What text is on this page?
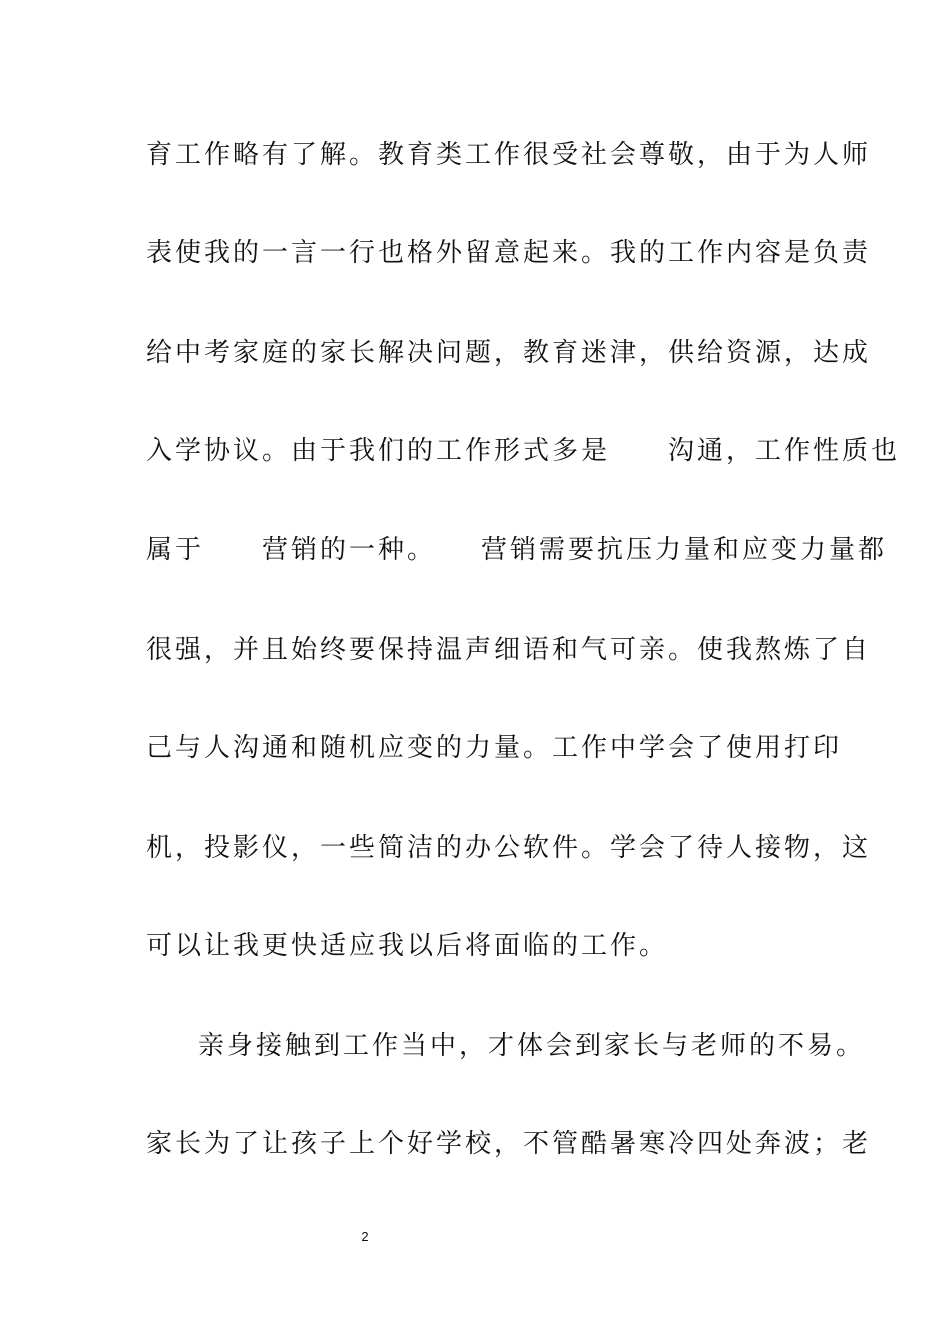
育工作略有了解。教育类工作很受社会尊敬，由于为人师
表使我的一言一行也格外留意起来。我的工作内容是负责
给中考家庭的家长解决问题，教育迷津，供给资源，达成
入学协议。由于我们的工作形式多是　　沟通，工作性质也
属于　　营销的一种。　　营销需要抗压力量和应变力量都
很强，并且始终要保持温声细语和气可亲。使我熬炼了自
己与人沟通和随机应变的力量。工作中学会了使用打印
机，投影仪，一些简洁的办公软件。学会了待人接物，这
可以让我更快适应我以后将面临的工作。
亲身接触到工作当中，才体会到家长与老师的不易。
家长为了让孩子上个好学校，不管酷暑寒冷四处奔波；老
2
